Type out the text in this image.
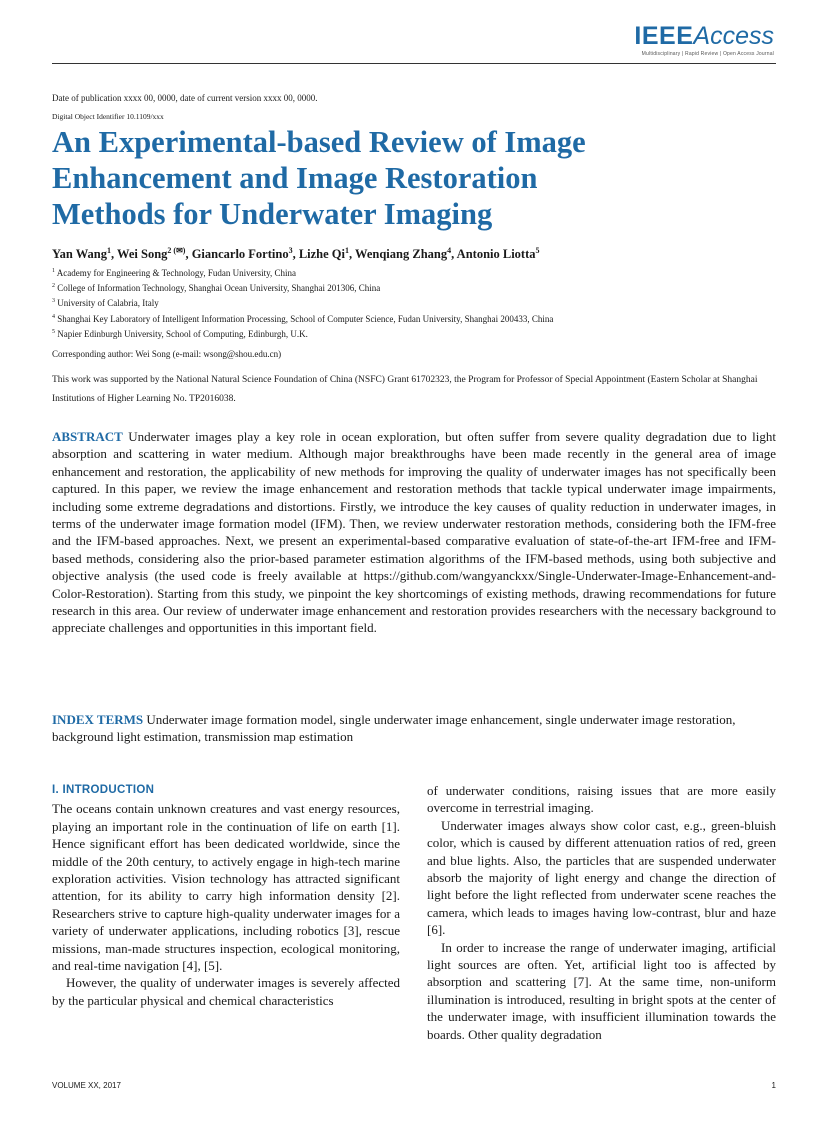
IEEEAccess
Multidisciplinary | Rapid Review | Open Access Journal
Date of publication xxxx 00, 0000, date of current version xxxx 00, 0000.
Digital Object Identifier 10.1109/xxx
An Experimental-based Review of Image
Enhancement and Image Restoration
Methods for Underwater Imaging
Yan Wang$^1$, Wei Song$^{2 (✉)}$, Giancarlo Fortino$^3$, Lizhe Qi$^1$, Wenqiang Zhang$^4$, Antonio Liotta$^5$
$^1$ Academy for Engineering & Technology, Fudan University, China
$^2$ College of Information Technology, Shanghai Ocean University, Shanghai 201306, China
$^3$ University of Calabria, Italy
$^4$ Shanghai Key Laboratory of Intelligent Information Processing, School of Computer Science, Fudan University, Shanghai 200433, China
$^5$ Napier Edinburgh University, School of Computing, Edinburgh, U.K.
Corresponding author: Wei Song (e-mail: wsong@shou.edu.cn)
This work was supported by the National Natural Science Foundation of China (NSFC) Grant 61702323, the Program for Professor of Special Appointment (Eastern Scholar at Shanghai Institutions of Higher Learning No. TP2016038.
ABSTRACT Underwater images play a key role in ocean exploration, but often suffer from severe quality degradation due to light absorption and scattering in water medium. Although major breakthroughs have been made recently in the general area of image enhancement and restoration, the applicability of new methods for improving the quality of underwater images has not specifically been captured. In this paper, we review the image enhancement and restoration methods that tackle typical underwater image impairments, including some extreme degradations and distortions. Firstly, we introduce the key causes of quality reduction in underwater images, in terms of the underwater image formation model (IFM). Then, we review underwater restoration methods, considering both the IFM-free and the IFM-based approaches. Next, we present an experimental-based comparative evaluation of state-of-the-art IFM-free and IFM-based methods, considering also the prior-based parameter estimation algorithms of the IFM-based methods, using both subjective and objective analysis (the used code is freely available at https://github.com/wangyanckxx/Single-Underwater-Image-Enhancement-and-Color-Restoration). Starting from this study, we pinpoint the key shortcomings of existing methods, drawing recommendations for future research in this area. Our review of underwater image enhancement and restoration provides researchers with the necessary background to appreciate challenges and opportunities in this important field.
INDEX TERMS Underwater image formation model, single underwater image enhancement, single underwater image restoration, background light estimation, transmission map estimation
I. INTRODUCTION

The oceans contain unknown creatures and vast energy resources, playing an important role in the continuation of life on earth [1]. Hence significant effort has been dedicated worldwide, since the middle of the 20th century, to actively engage in high-tech marine exploration activities. Vision technology has attracted significant attention, for its ability to carry high information density [2]. Researchers strive to capture high-quality underwater images for a variety of underwater applications, including robotics [3], rescue missions, man-made structures inspection, ecological monitoring, and real-time navigation [4], [5].

However, the quality of underwater images is severely affected by the particular physical and chemical characteristics

of underwater conditions, raising issues that are more easily overcome in terrestrial imaging.

Underwater images always show color cast, e.g., green-bluish color, which is caused by different attenuation ratios of red, green and blue lights. Also, the particles that are suspended underwater absorb the majority of light energy and change the direction of light before the light reflected from underwater scene reaches the camera, which leads to images having low-contrast, blur and haze [6].

In order to increase the range of underwater imaging, artificial light sources are often. Yet, artificial light too is affected by absorption and scattering [7]. At the same time, non-uniform illumination is introduced, resulting in bright spots at the center of the underwater image, with insufficient illumination towards the boards. Other quality degradation

VOLUME XX, 2017	1
